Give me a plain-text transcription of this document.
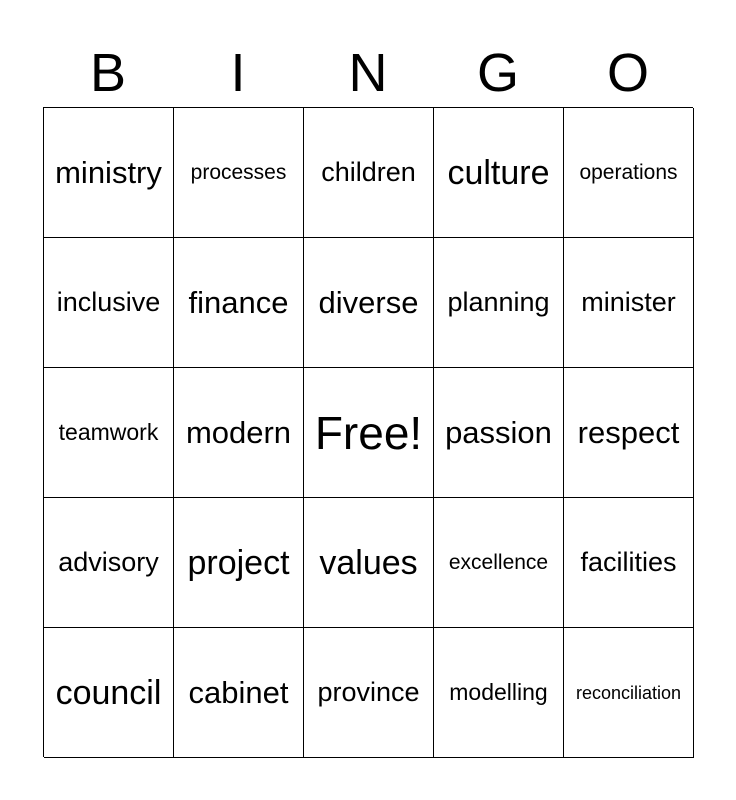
B	I	N	G	O
ministry processes children culture operations
inclusive finance diverse planning minister
teamwork modern Free! passion respect
advisory project values excellence facilities
council cabinet province modelling reconciliation
